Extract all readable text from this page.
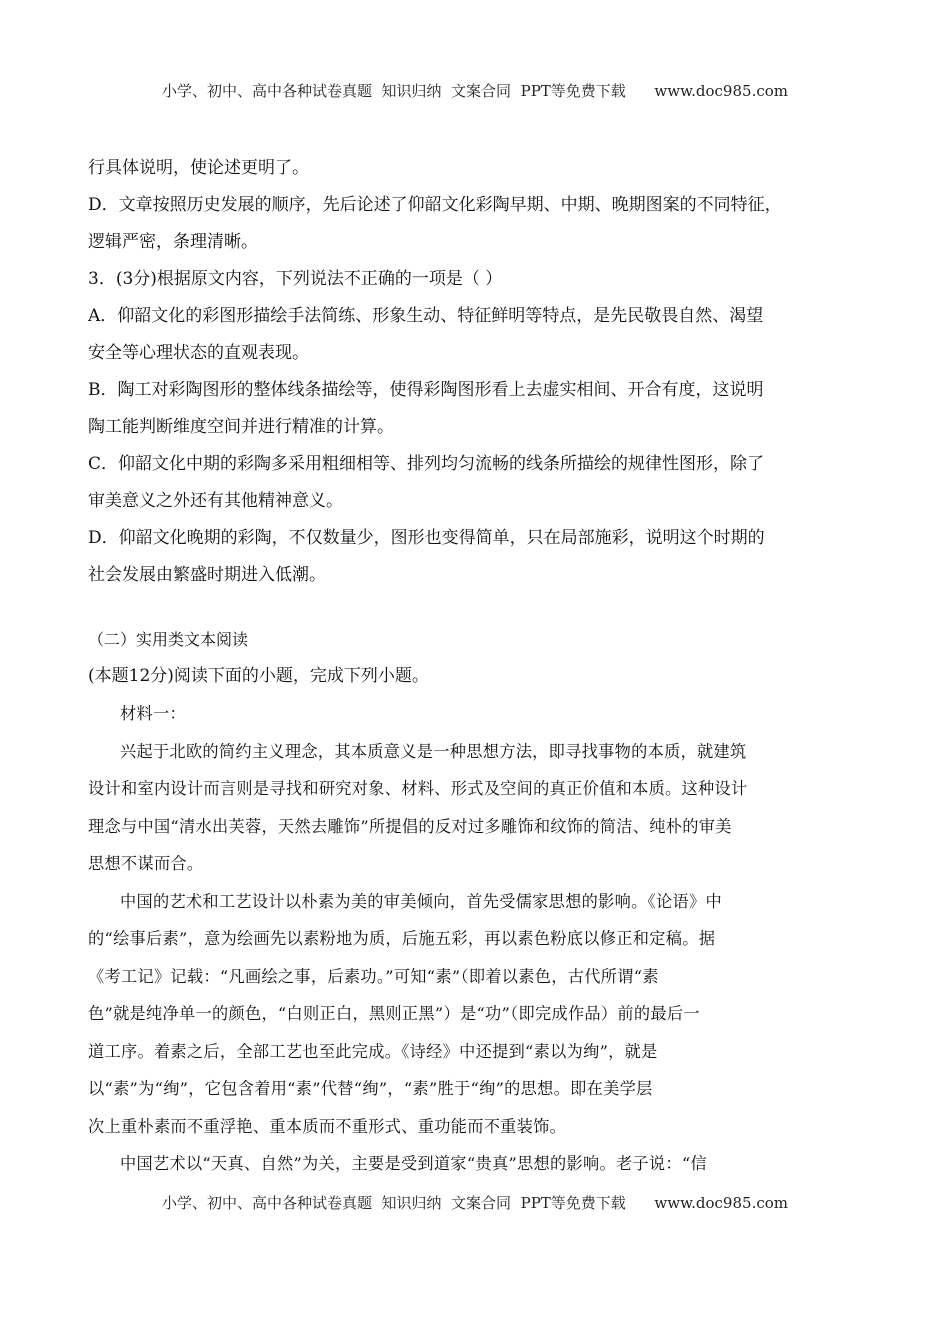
小学、初中、高中各种试卷真题  知识归纳  文案合同  PPT等免费下载      www.doc985.com
行具体说明，使论述更明了。
D．文章按照历史发展的顺序，先后论述了仰韶文化彩陶早期、中期、晚期图案的不同特征，
逻辑严密，条理清晰。
3．(3分)根据原文内容，下列说法不正确的一项是（ ）
A．仰韶文化的彩图形描绘手法简练、形象生动、特征鲜明等特点，是先民敬畏自然、渴望
安全等心理状态的直观表现。
B．陶工对彩陶图形的整体线条描绘等，使得彩陶图形看上去虚实相间、开合有度，这说明
陶工能判断维度空间并进行精准的计算。
C．仰韶文化中期的彩陶多采用粗细相等、排列均匀流畅的线条所描绘的规律性图形，除了
审美意义之外还有其他精神意义。
D．仰韶文化晚期的彩陶，不仅数量少，图形也变得简单，只在局部施彩，说明这个时期的
社会发展由繁盛时期进入低潮。
（二）实用类文本阅读
(本题12分)阅读下面的小题，完成下列小题。
材料一：
兴起于北欧的简约主义理念，其本质意义是一种思想方法，即寻找事物的本质，就建筑
设计和室内设计而言则是寻找和研究对象、材料、形式及空间的真正价值和本质。这种设计
理念与中国“清水出芙蓉，天然去雕饰”所提倡的反对过多雕饰和纹饰的简洁、纯朴的审美
思想不谋而合。
中国的艺术和工艺设计以朴素为美的审美倾向，首先受儒家思想的影响。《论语》中
的“绘事后素”，意为绘画先以素粉地为质，后施五彩，再以素色粉底以修正和定稿。据
《考工记》记载：“凡画绘之事，后素功。”可知“素”（即着以素色，古代所谓“素
色”就是纯净单一的颜色，“白则正白，黑则正黑”）是“功”（即完成作品）前的最后一
道工序。着素之后，全部工艺也至此完成。《诗经》中还提到“素以为绚”，就是
以“素”为“绚”，它包含着用“素”代替“绚”，“素”胜于“绚”的思想。即在美学层
次上重朴素而不重浮艳、重本质而不重形式、重功能而不重装饰。
中国艺术以“天真、自然”为关，主要是受到道家“贵真”思想的影响。老子说：“信
小学、初中、高中各种试卷真题  知识归纳  文案合同  PPT等免费下载      www.doc985.com
